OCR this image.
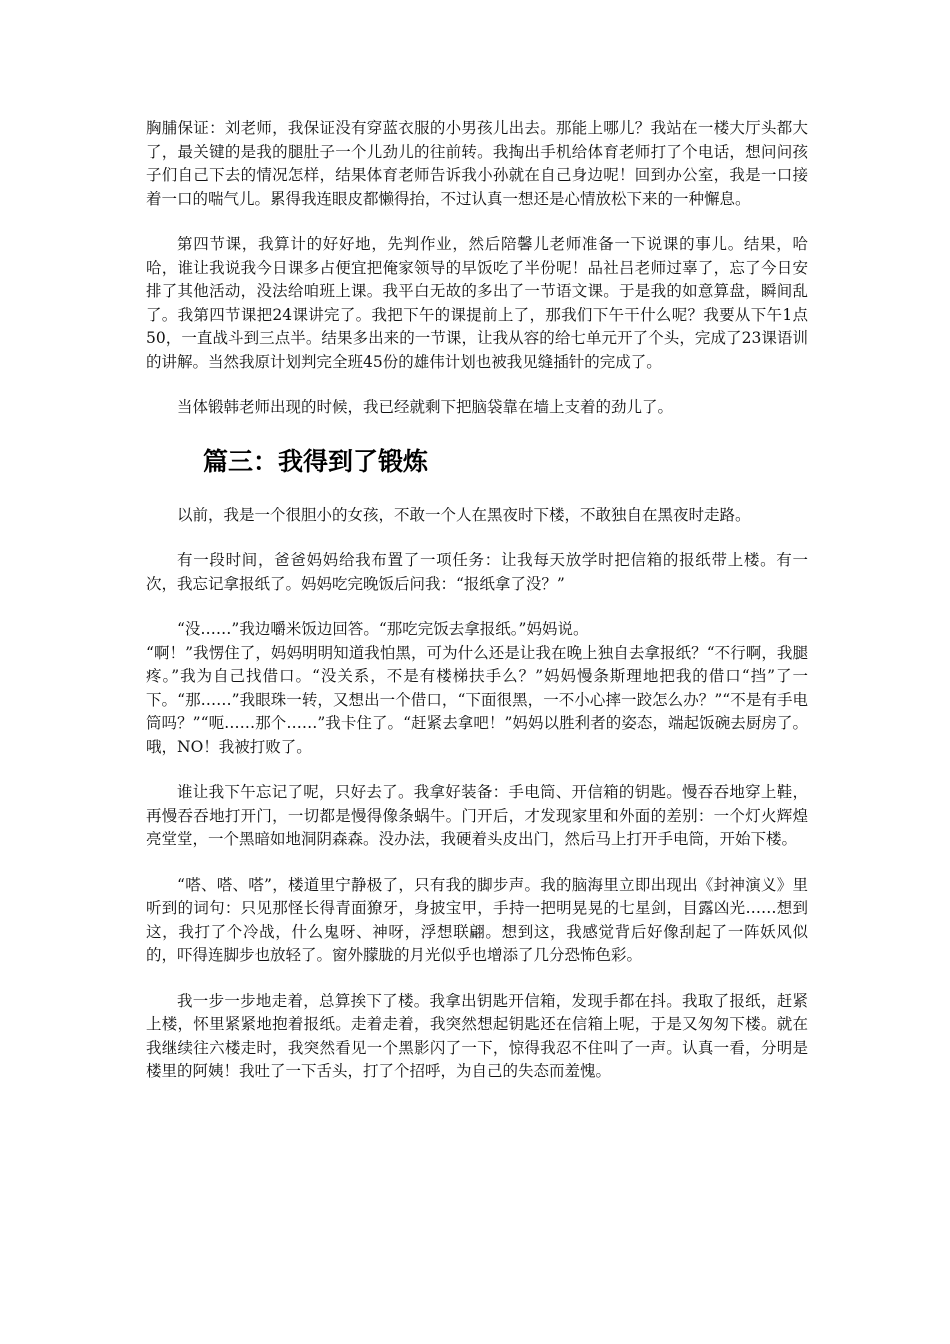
胸脯保证：刘老师，我保证没有穿蓝衣服的小男孩儿出去。那能上哪儿？我站在一楼大厅头都大了，最关键的是我的腿肚子一个儿劲儿的往前转。我掏出手机给体育老师打了个电话，想问问孩子们自己下去的情况怎样，结果体育老师告诉我小孙就在自己身边呢！回到办公室，我是一口接着一口的喘气儿。累得我连眼皮都懒得抬，不过认真一想还是心情放松下来的一种懈息。

第四节课，我算计的好好地，先判作业，然后陪馨儿老师准备一下说课的事儿。结果，哈哈，谁让我说我今日课多占便宜把俺家领导的早饭吃了半份呢！品社吕老师过辜了，忘了今日安排了其他活动，没法给咱班上课。我平白无故的多出了一节语文课。于是我的如意算盘，瞬间乱了。我第四节课把24课讲完了。我把下午的课提前上了，那我们下午干什么呢？我要从下午1点50，一直战斗到三点半。结果多出来的一节课，让我从容的给七单元开了个头，完成了23课语训的讲解。当然我原计划判完全班45份的雄伟计划也被我见缝插针的完成了。

当体锻韩老师出现的时候，我已经就剩下把脑袋靠在墙上支着的劲儿了。

篇三：我得到了锻炼

以前，我是一个很胆小的女孩，不敢一个人在黑夜时下楼，不敢独自在黑夜时走路。

有一段时间，爸爸妈妈给我布置了一项任务：让我每天放学时把信箱的报纸带上楼。有一次，我忘记拿报纸了。妈妈吃完晚饭后问我：“报纸拿了没？”

“没……”我边嚼米饭边回答。“那吃完饭去拿报纸。”妈妈说。

“啊！”我愣住了，妈妈明明知道我怕黑，可为什么还是让我在晚上独自去拿报纸？“不行啊，我腿疼。”我为自己找借口。“没关系，不是有楼梯扶手么？”妈妈慢条斯理地把我的借口“挡”了一下。“那……”我眼珠一转，又想出一个借口，“下面很黑，一不小心摔一跤怎么办？”“不是有手电筒吗？”“呃……那个……”我卡住了。“赶紧去拿吧！”妈妈以胜利者的姿态，端起饭碗去厨房了。哦，NO！我被打败了。

谁让我下午忘记了呢，只好去了。我拿好装备：手电筒、开信箱的钥匙。慢吞吞地穿上鞋，再慢吞吞地打开门，一切都是慢得像条蜗牛。门开后，才发现家里和外面的差别：一个灯火辉煌亮堂堂，一个黑暗如地洞阴森森。没办法，我硬着头皮出门，然后马上打开手电筒，开始下楼。

“嗒、嗒、嗒”，楼道里宁静极了，只有我的脚步声。我的脑海里立即出现出《封神演义》里听到的词句：只见那怪长得青面獠牙，身披宝甲，手持一把明晃晃的七星剑，目露凶光……想到这，我打了个冷战，什么鬼呀、神呀，浮想联翩。想到这，我感觉背后好像刮起了一阵妖风似的，吓得连脚步也放轻了。窗外朦胧的月光似乎也增添了几分恐怖色彩。

我一步一步地走着，总算挨下了楼。我拿出钥匙开信箱，发现手都在抖。我取了报纸，赶紧上楼，怀里紧紧地抱着报纸。走着走着，我突然想起钥匙还在信箱上呢，于是又匆匆下楼。就在我继续往六楼走时，我突然看见一个黑影闪了一下，惊得我忍不住叫了一声。认真一看，分明是楼里的阿姨！我吐了一下舌头，打了个招呼，为自己的失态而羞愧。
